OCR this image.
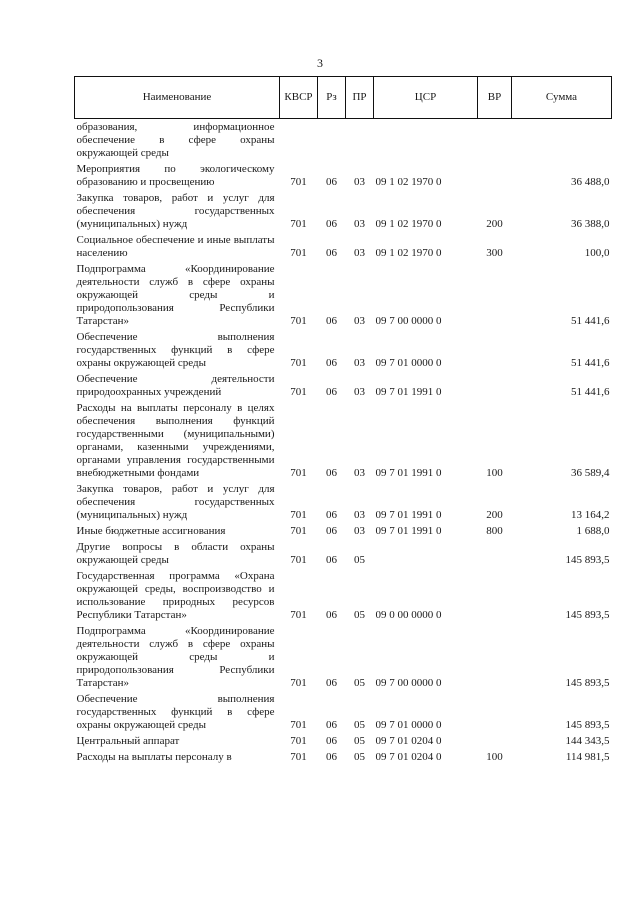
3
Наименование	КВСР	Рз	ПР	ЦСР	ВР	Сумма
образования, информационное обеспечение в сфере охраны окружающей среды						
Мероприятия по экологическому образованию и просвещению	701	06	03	09 1 02 1970 0		36 488,0
Закупка товаров, работ и услуг для обеспечения государственных (муниципальных) нужд	701	06	03	09 1 02 1970 0	200	36 388,0
Социальное обеспечение и иные выплаты населению	701	06	03	09 1 02 1970 0	300	100,0
Подпрограмма «Координирование деятельности служб в сфере охраны окружающей среды и природопользования Республики Татарстан»	701	06	03	09 7 00 0000 0		51 441,6
Обеспечение выполнения государственных функций в сфере охраны окружающей среды	701	06	03	09 7 01 0000 0		51 441,6
Обеспечение деятельности природоохранных учреждений	701	06	03	09 7 01 1991 0		51 441,6
Расходы на выплаты персоналу в целях обеспечения выполнения функций государственными (муниципальными) органами, казенными учреждениями, органами управления государственными внебюджетными фондами	701	06	03	09 7 01 1991 0	100	36 589,4
Закупка товаров, работ и услуг для обеспечения государственных (муниципальных) нужд	701	06	03	09 7 01 1991 0	200	13 164,2
Иные бюджетные ассигнования	701	06	03	09 7 01 1991 0	800	1 688,0
Другие вопросы в области охраны окружающей среды	701	06	05			145 893,5
Государственная программа «Охрана окружающей среды, воспроизводство и использование природных ресурсов Республики Татарстан»	701	06	05	09 0 00 0000 0		145 893,5
Подпрограмма «Координирование деятельности служб в сфере охраны окружающей среды и природопользования Республики Татарстан»	701	06	05	09 7 00 0000 0		145 893,5
Обеспечение выполнения государственных функций в сфере охраны окружающей среды	701	06	05	09 7 01 0000 0		145 893,5
Центральный аппарат	701	06	05	09 7 01 0204 0		144 343,5
Расходы на выплаты персоналу в	701	06	05	09 7 01 0204 0	100	114 981,5
